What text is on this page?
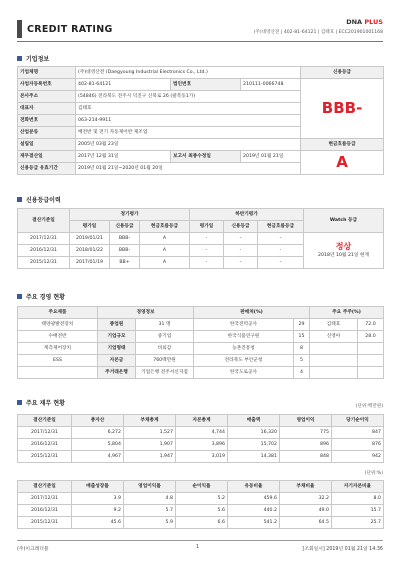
CREDIT RATING
DNA PLUS
(주)대영산전 | 402-81-64121 | 김태호 | ECC201901001168
기업정보
기업체명	(주)대영산전 (Daegyoung Industrial Electronics Co., Ltd.)			신용등급
사업자등록번호	402-81-64121	법인번호	210111-0066748	BBB-
본사주소	(54846) 전라북도 전주시 덕진구 신북로 26 (팔복동1가)			
대표자	김태호			
전화번호	063-214-9911			
산업분류	배전반 및 전기 자동제어반 제조업			
설립일	2005년 03월 23일			현금흐름등급
재무결산일	2017년 12월 31일	보고서 최종수정일	2019년 01월 21일	A
신용등급 유효기간	2019년 01월 21일~2020년 01월 20일			
신용등급이력
결산기준일	정기평가			하반기평가			Watch 등급
	평가일	신용등급	현금흐름등급	평가일	신용등급	현금흐름등급	
2017/12/31	2019/01/21	BBB-	A	-	-	-	정상
2018년 10월 21일 현재

2016/12/31	2018/01/22	BBB-	A	-	-	-	
2015/12/31	2017/01/19	BB+	A	-	-	-	
주요 경영 현황
주요제품	경영정보		판매처(%)		주요 주주(%)	
태양광발전장치	종업원	31 명	한국전력공사	29	김태호	72.0
수배전반	기업규모	중기업	한국식품연구원	15	신영아	28.0
계측제어장치	기업형태	비외감	농촌진흥청	8		
ESS	자본금	760백만원	전라북도 부안군청	5		
	주거래은행	기업은행 전주서신지점	한국도로공사	4		
주요 재무 현황	(단위:백만원)
결산기준일	총자산	부채총계	자본총계	매출액	영업이익	당기순이익
2017/12/31	6,272	1,527	4,744	16,320	775	847
2016/12/31	5,804	1,907	3,896	15,702	896	876
2015/12/31	4,967	1,947	3,019	14,381	848	942
(단위:%)
결산기준일	매출성장률	영업이익률	순이익률	유동비율	부채비율	자기자본비율
2017/12/31	3.9	4.8	5.2	459.6	32.2	8.0
2016/12/31	9.2	5.7	5.6	440.2	49.0	15.7
2015/12/31	45.6	5.9	6.6	541.2	64.5	25.7
(주)이크레더블	1	[조회일시] 2019년 01월 21일 14:36
